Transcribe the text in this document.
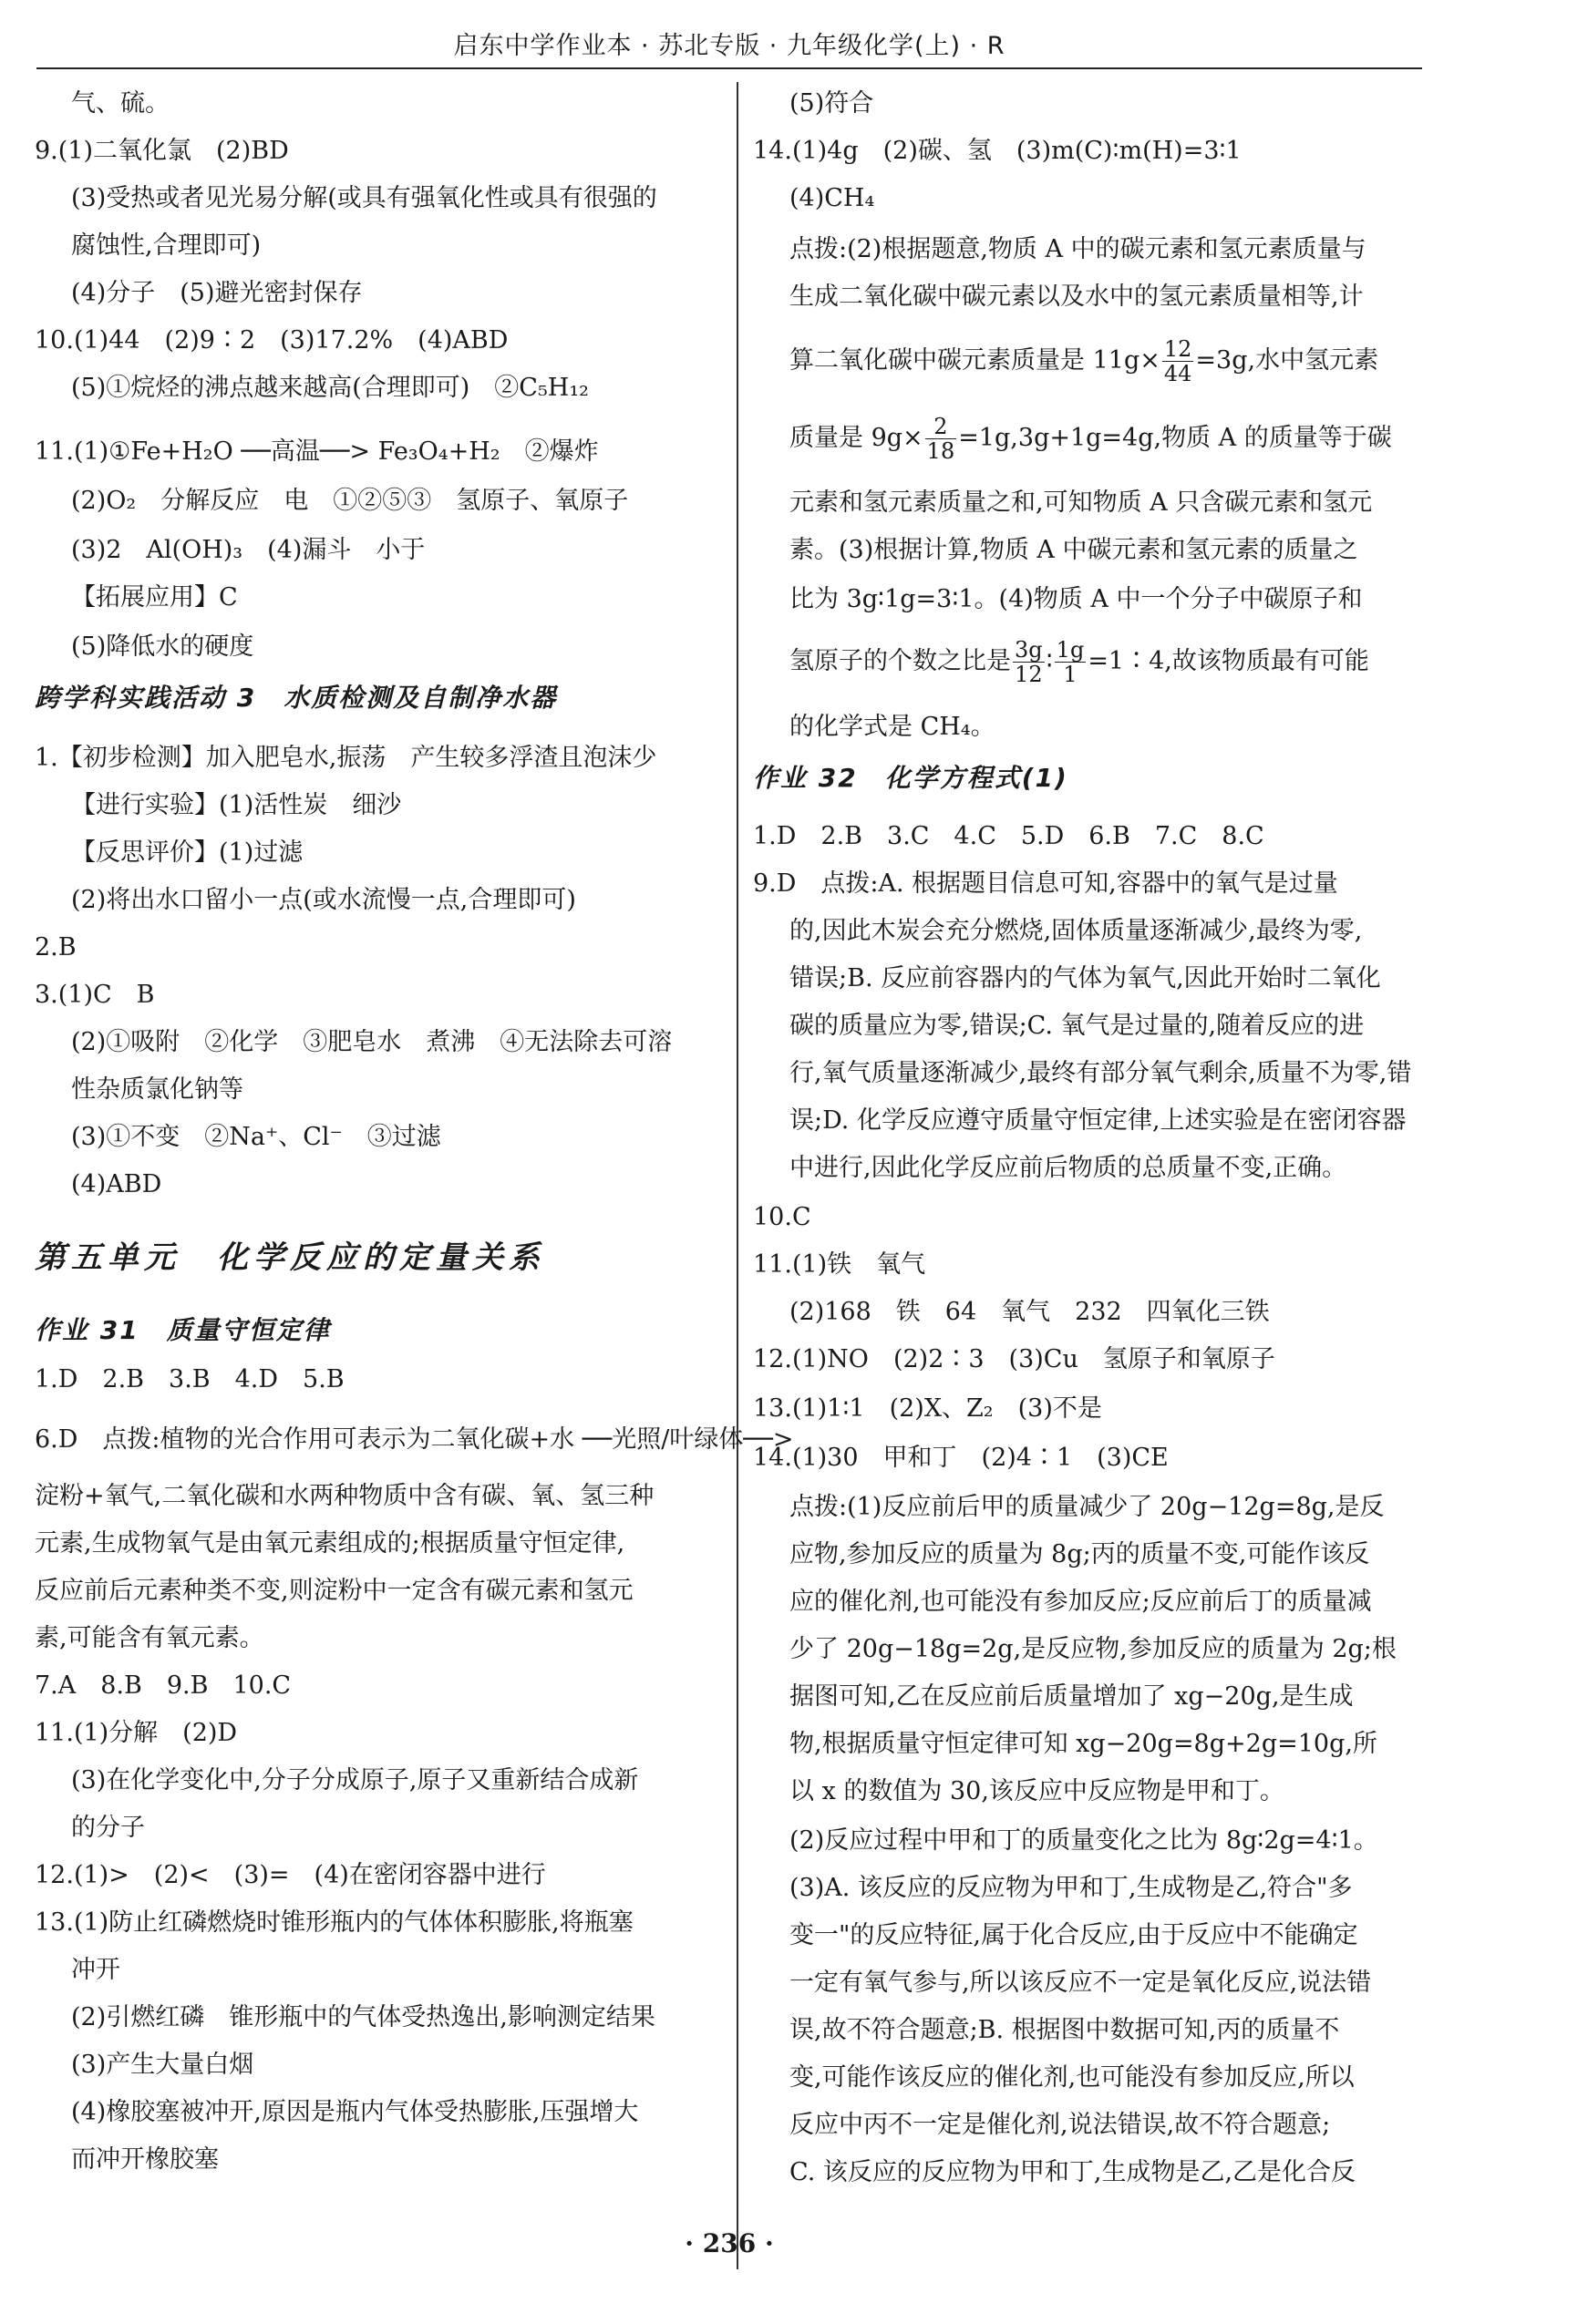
启东中学作业本 · 苏北专版 · 九年级化学(上) · R
气、硫。
9.(1)二氧化氯　(2)BD
(3)受热或者见光易分解(或具有强氧化性或具有很强的
腐蚀性,合理即可)
(4)分子　(5)避光密封保存
10.(1)44　(2)9∶2　(3)17.2%　(4)ABD
(5)①烷烃的沸点越来越高(合理即可)　②C₅H₁₂
11.(1)①Fe+H₂O ──高温──> Fe₃O₄+H₂　②爆炸
(2)O₂　分解反应　电　①②⑤③　氢原子、氧原子
(3)2　Al(OH)₃　(4)漏斗　小于
【拓展应用】C
(5)降低水的硬度
跨学科实践活动 3　水质检测及自制净水器
1.【初步检测】加入肥皂水,振荡　产生较多浮渣且泡沫少
【进行实验】(1)活性炭　细沙
【反思评价】(1)过滤
(2)将出水口留小一点(或水流慢一点,合理即可)
2.B
3.(1)C　B
(2)①吸附　②化学　③肥皂水　煮沸　④无法除去可溶
性杂质氯化钠等
(3)①不变　②Na⁺、Cl⁻　③过滤
(4)ABD
第五单元　化学反应的定量关系
作业 31　质量守恒定律
1.D　2.B　3.B　4.D　5.B
6.D　点拨:植物的光合作用可表示为二氧化碳+水 ──光照/叶绿体──>
淀粉+氧气,二氧化碳和水两种物质中含有碳、氧、氢三种
元素,生成物氧气是由氧元素组成的;根据质量守恒定律,
反应前后元素种类不变,则淀粉中一定含有碳元素和氢元
素,可能含有氧元素。
7.A　8.B　9.B　10.C
11.(1)分解　(2)D
(3)在化学变化中,分子分成原子,原子又重新结合成新
的分子
12.(1)>　(2)<　(3)=　(4)在密闭容器中进行
13.(1)防止红磷燃烧时锥形瓶内的气体体积膨胀,将瓶塞
冲开
(2)引燃红磷　锥形瓶中的气体受热逸出,影响测定结果
(3)产生大量白烟
(4)橡胶塞被冲开,原因是瓶内气体受热膨胀,压强增大
而冲开橡胶塞
(5)符合
14.(1)4g　(2)碳、氢　(3)m(C)∶m(H)=3∶1
(4)CH₄
点拨:(2)根据题意,物质 A 中的碳元素和氢元素质量与
生成二氧化碳中碳元素以及水中的氢元素质量相等,计
算二氧化碳中碳元素质量是 $11g\times \frac{12}{44} =3g$,水中氢元素
质量是 $9g\times \frac{2}{18} =1g,3g+1g=4g$,物质 A 的质量等于碳
元素和氢元素质量之和,可知物质 A 只含碳元素和氢元
素。(3)根据计算,物质 A 中碳元素和氢元素的质量之
比为 3g∶1g=3∶1。(4)物质 A 中一个分子中碳原子和
氢原子的个数之比是 $\frac{3g}{12}$ ∶ $\frac{1g}{1}$ =1∶4,故该物质最有可能
的化学式是 CH₄。
作业 32　化学方程式(1)
1.D　2.B　3.C　4.C　5.D　6.B　7.C　8.C
9.D　点拨:A. 根据题目信息可知,容器中的氧气是过量
的,因此木炭会充分燃烧,固体质量逐渐减少,最终为零,
错误;B. 反应前容器内的气体为氧气,因此开始时二氧化
碳的质量应为零,错误;C. 氧气是过量的,随着反应的进
行,氧气质量逐渐减少,最终有部分氧气剩余,质量不为零,错
误;D. 化学反应遵守质量守恒定律,上述实验是在密闭容器
中进行,因此化学反应前后物质的总质量不变,正确。
10.C
11.(1)铁　氧气
(2)168　铁　64　氧气　232　四氧化三铁
12.(1)NO　(2)2∶3　(3)Cu　氢原子和氧原子
13.(1)1∶1　(2)X、Z₂　(3)不是
14.(1)30　甲和丁　(2)4∶1　(3)CE
点拨:(1)反应前后甲的质量减少了 20g−12g=8g,是反
应物,参加反应的质量为 8g;丙的质量不变,可能作该反
应的催化剂,也可能没有参加反应;反应前后丁的质量减
少了 20g−18g=2g,是反应物,参加反应的质量为 2g;根
据图可知,乙在反应前后质量增加了 xg−20g,是生成
物,根据质量守恒定律可知 xg−20g=8g+2g=10g,所
以 x 的数值为 30,该反应中反应物是甲和丁。
(2)反应过程中甲和丁的质量变化之比为 8g∶2g=4∶1。
(3)A. 该反应的反应物为甲和丁,生成物是乙,符合"多
变一"的反应特征,属于化合反应,由于反应中不能确定
一定有氧气参与,所以该反应不一定是氧化反应,说法错
误,故不符合题意;B. 根据图中数据可知,丙的质量不
变,可能作该反应的催化剂,也可能没有参加反应,所以
反应中丙不一定是催化剂,说法错误,故不符合题意;
C. 该反应的反应物为甲和丁,生成物是乙,乙是化合反
· 236 ·
